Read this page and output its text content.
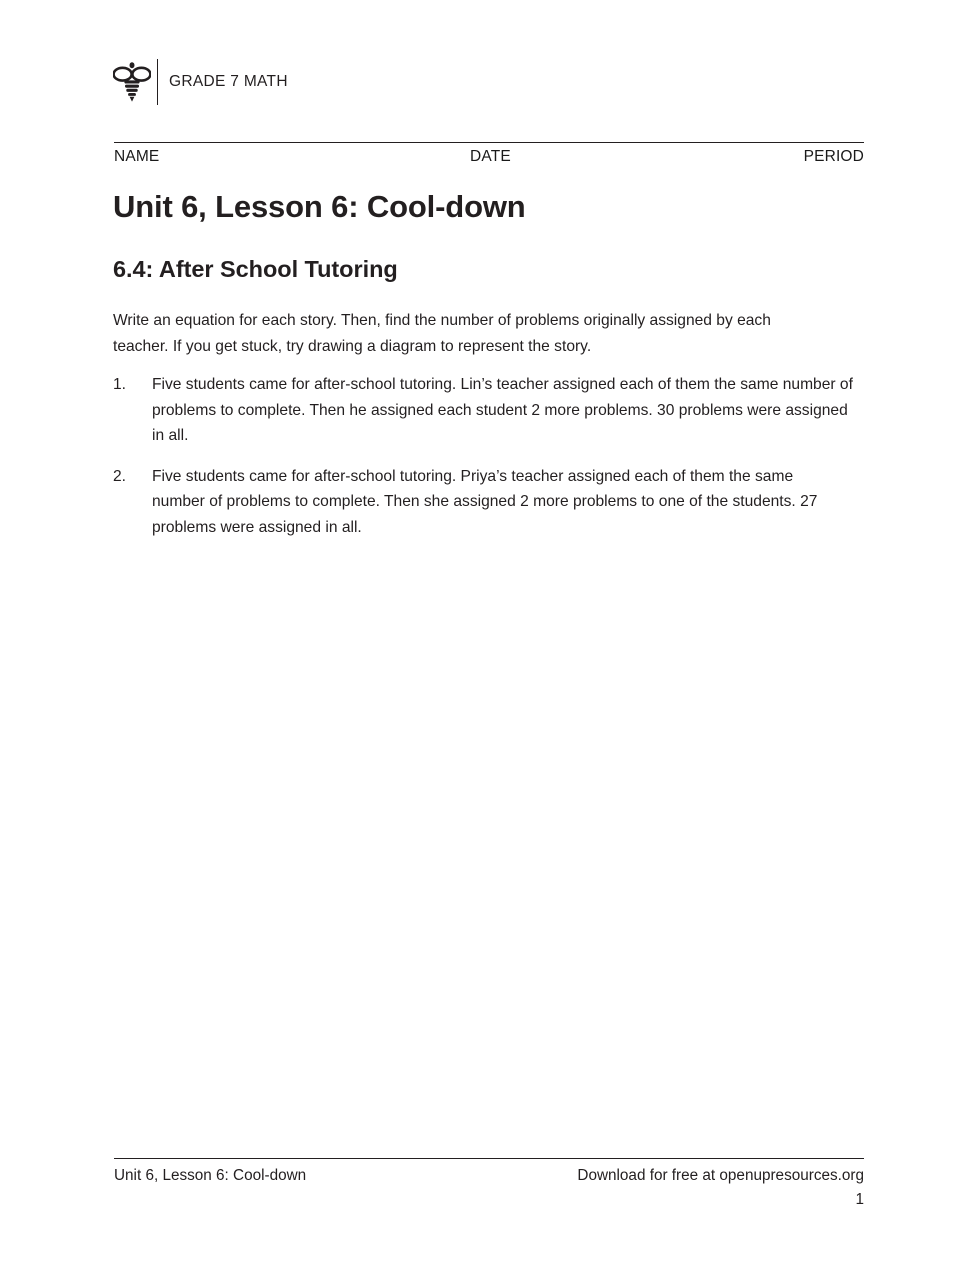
GRADE 7 MATH
NAME	DATE	PERIOD
Unit 6, Lesson 6: Cool-down
6.4: After School Tutoring

Write an equation for each story. Then, find the number of problems originally assigned by each teacher. If you get stuck, try drawing a diagram to represent the story.

1.	Five students came for after-school tutoring. Lin’s teacher assigned each of them the same number of problems to complete. Then he assigned each student 2 more problems. 30 problems were assigned in all.
2.	Five students came for after-school tutoring. Priya’s teacher assigned each of them the same number of problems to complete. Then she assigned 2 more problems to one of the students. 27 problems were assigned in all.
Unit 6, Lesson 6: Cool-down	Download for free at openupresources.org
1
